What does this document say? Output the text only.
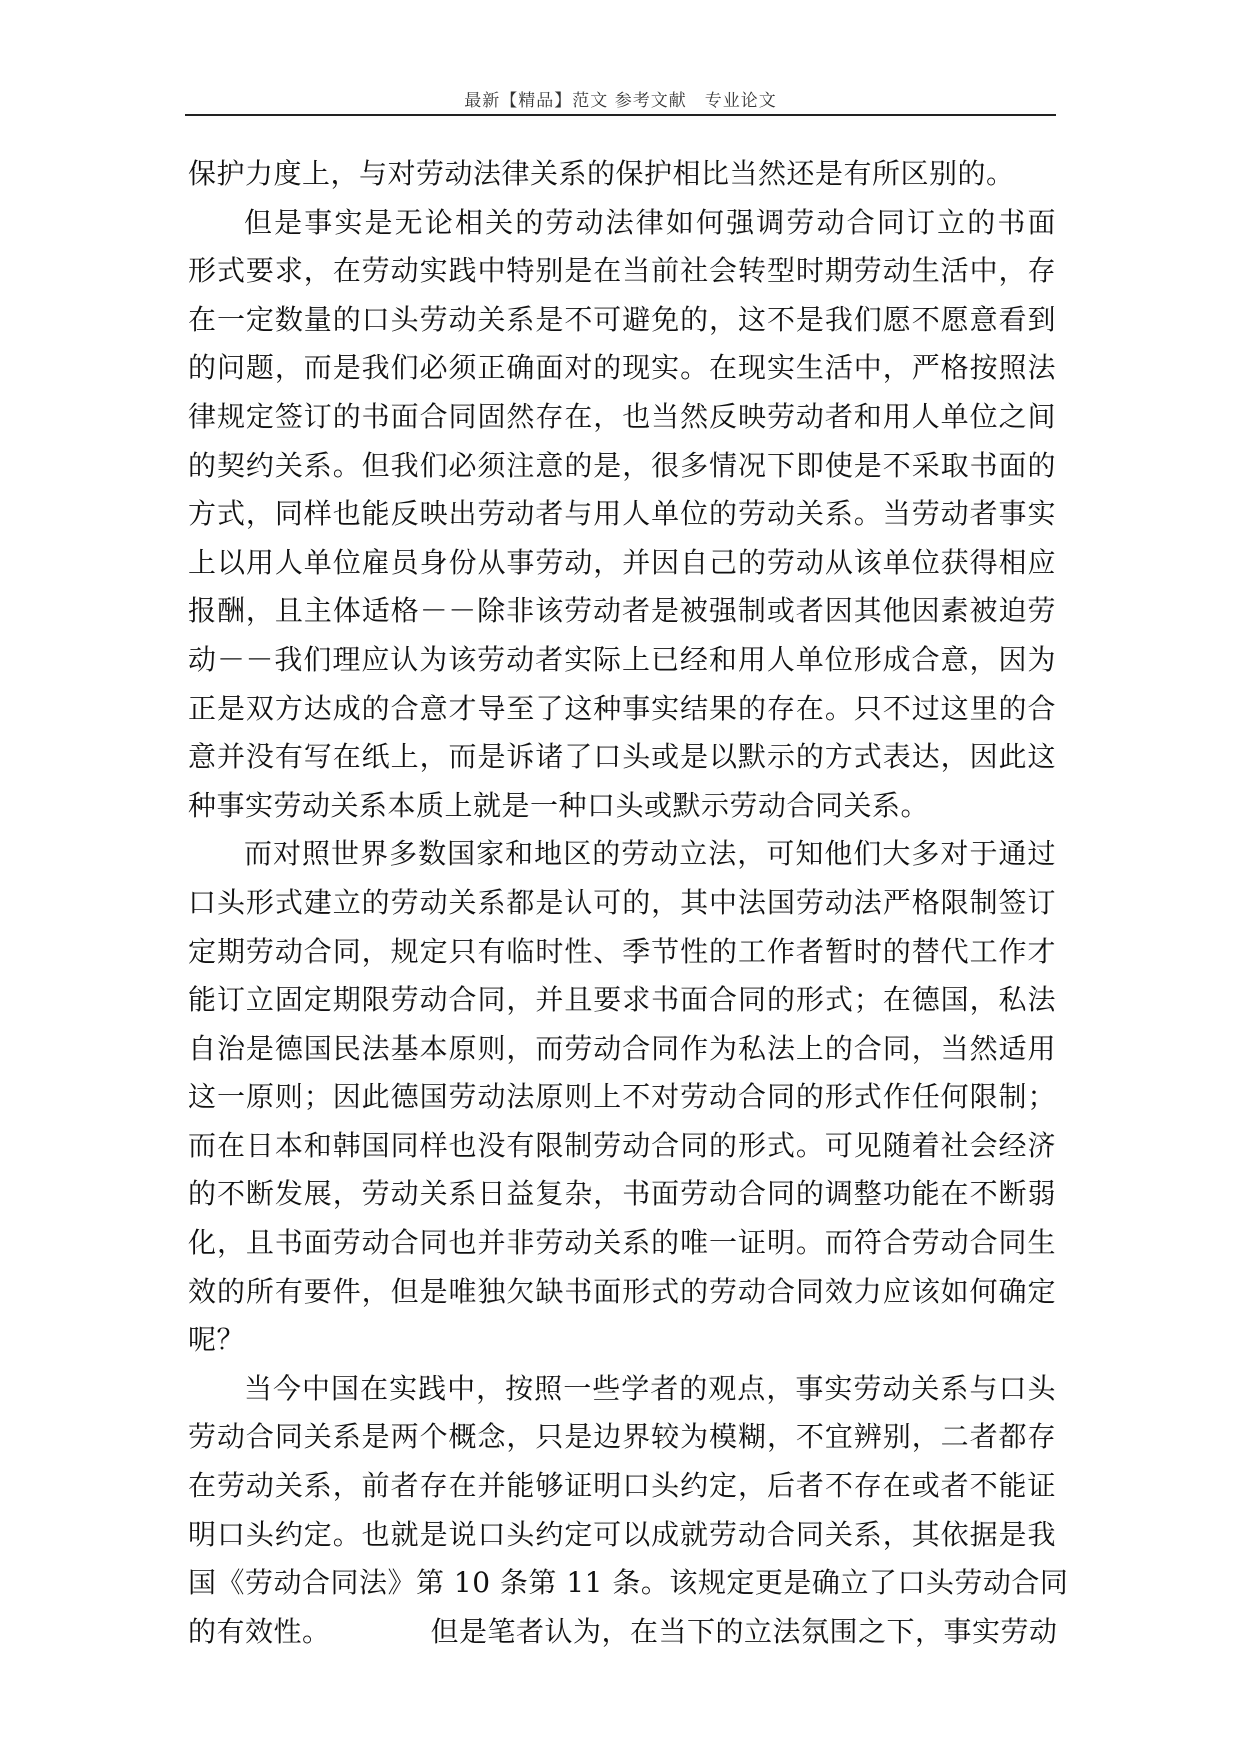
最新【精品】范文 参考文献　专业论文
保护力度上，与对劳动法律关系的保护相比当然还是有所区别的。
但是事实是无论相关的劳动法律如何强调劳动合同订立的书面
形式要求，在劳动实践中特别是在当前社会转型时期劳动生活中，存
在一定数量的口头劳动关系是不可避免的，这不是我们愿不愿意看到
的问题，而是我们必须正确面对的现实。在现实生活中，严格按照法
律规定签订的书面合同固然存在，也当然反映劳动者和用人单位之间
的契约关系。但我们必须注意的是，很多情况下即使是不采取书面的
方式，同样也能反映出劳动者与用人单位的劳动关系。当劳动者事实
上以用人单位雇员身份从事劳动，并因自己的劳动从该单位获得相应
报酬，且主体适格－－除非该劳动者是被强制或者因其他因素被迫劳
动－－我们理应认为该劳动者实际上已经和用人单位形成合意，因为
正是双方达成的合意才导至了这种事实结果的存在。只不过这里的合
意并没有写在纸上，而是诉诸了口头或是以默示的方式表达，因此这
种事实劳动关系本质上就是一种口头或默示劳动合同关系。
而对照世界多数国家和地区的劳动立法，可知他们大多对于通过
口头形式建立的劳动关系都是认可的，其中法国劳动法严格限制签订
定期劳动合同，规定只有临时性、季节性的工作者暂时的替代工作才
能订立固定期限劳动合同，并且要求书面合同的形式；在德国，私法
自治是德国民法基本原则，而劳动合同作为私法上的合同，当然适用
这一原则；因此德国劳动法原则上不对劳动合同的形式作任何限制；
而在日本和韩国同样也没有限制劳动合同的形式。可见随着社会经济
的不断发展，劳动关系日益复杂，书面劳动合同的调整功能在不断弱
化，且书面劳动合同也并非劳动关系的唯一证明。而符合劳动合同生
效的所有要件，但是唯独欠缺书面形式的劳动合同效力应该如何确定
呢？
当今中国在实践中，按照一些学者的观点，事实劳动关系与口头
劳动合同关系是两个概念，只是边界较为模糊，不宜辨别，二者都存
在劳动关系，前者存在并能够证明口头约定，后者不存在或者不能证
明口头约定。也就是说口头约定可以成就劳动合同关系，其依据是我
国《劳动合同法》第 10 条第 11 条。该规定更是确立了口头劳动合同
的有效性。　　　　但是笔者认为，在当下的立法氛围之下，事实劳动
